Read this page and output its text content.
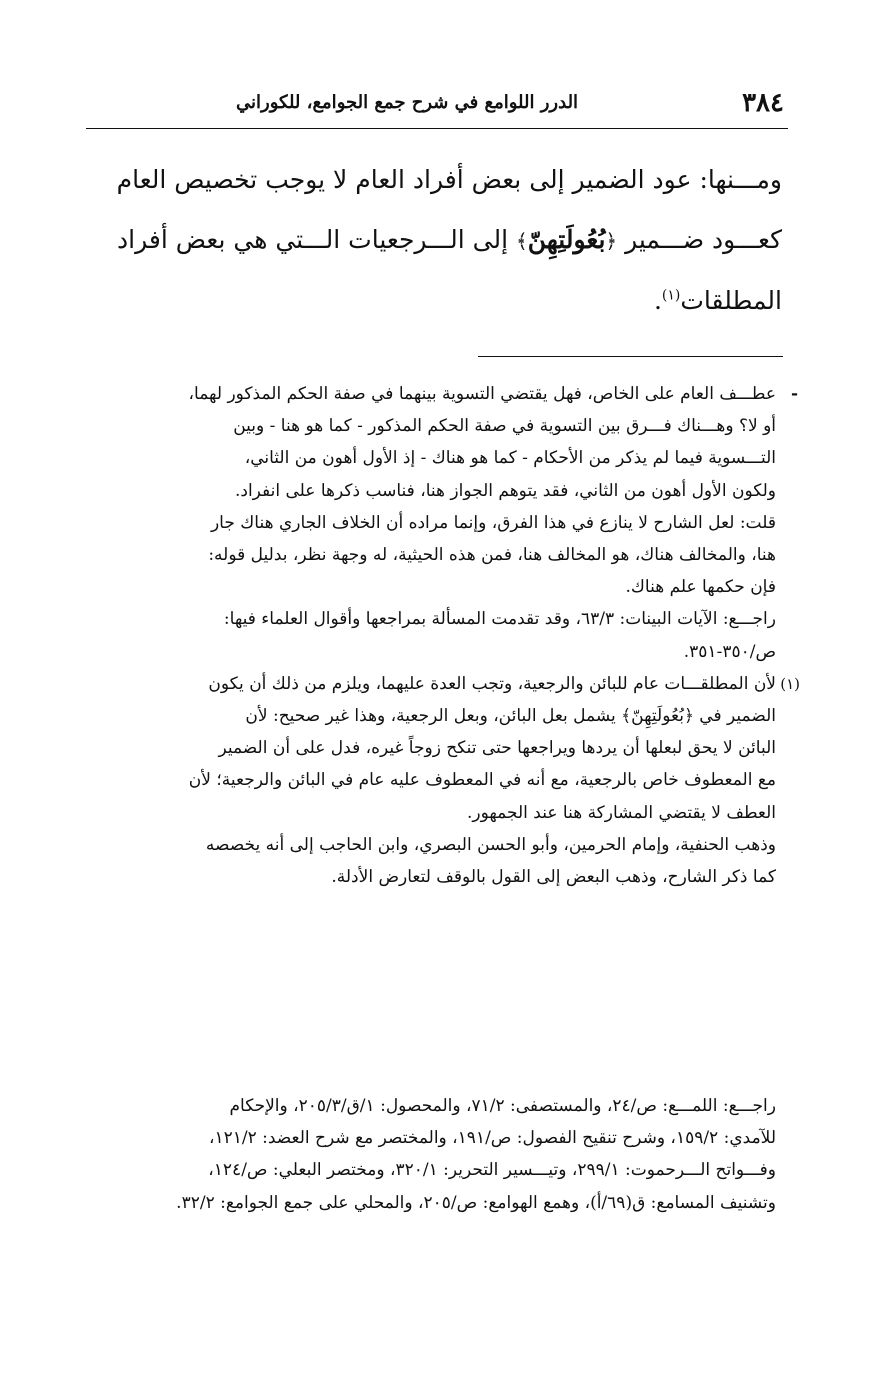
٣٨٤
الدرر اللوامع في شرح جمع الجوامع، للكوراني

ومـــنها: عود الضمير إلى بعض أفراد العام لا يوجب تخصيص العام

كعـــود ضـــمير ﴿بُعُولَتِهِنّ﴾ إلى الـــرجعيات الـــتي هي بعض أفراد

المطلقات$^{(١)}$.

-

عطـــف العام على الخاص، فهل يقتضي التسوية بينهما في صفة الحكم المذكور لهما،

أو لا؟ وهـــناك فـــرق بين التسوية في صفة الحكم المذكور - كما هو هنا - وبين

التـــسوية فيما لم يذكر من الأحكام - كما هو هناك - إذ الأول أهون من الثاني،

ولكون الأول أهون من الثاني، فقد يتوهم الجواز هنا، فناسب ذكرها على انفراد.

قلت: لعل الشارح لا ينازع في هذا الفرق، وإنما مراده أن الخلاف الجاري هناك جار

هنا، والمخالف هناك، هو المخالف هنا، فمن هذه الحيثية، له وجهة نظر، بدليل قوله:

فإن حكمها علم هناك.

راجـــع: الآيات البينات: ٦٣/٣، وقد تقدمت المسألة بمراجعها وأقوال العلماء فيها:

ص/٣٥٠-٣٥١.

(١)

لأن المطلقـــات عام للبائن والرجعية، وتجب العدة عليهما، ويلزم من ذلك أن يكون

الضمير في ﴿بُعُولَتِهِنّ﴾ يشمل بعل البائن، وبعل الرجعية، وهذا غير صحيح: لأن

البائن لا يحق لبعلها أن يردها ويراجعها حتى تنكح زوجاً غيره، فدل على أن الضمير

مع المعطوف خاص بالرجعية، مع أنه في المعطوف عليه عام في البائن والرجعية؛ لأن

العطف لا يقتضي المشاركة هنا عند الجمهور.

وذهب الحنفية، وإمام الحرمين، وأبو الحسن البصري، وابن الحاجب إلى أنه يخصصه

كما ذكر الشارح، وذهب البعض إلى القول بالوقف لتعارض الأدلة.

راجـــع: اللمـــع: ص/٢٤، والمستصفى: ٧١/٢، والمحصول: ١/ق/٢٠٥/٣، والإحكام

للآمدي: ١٥٩/٢، وشرح تنقيح الفصول: ص/١٩١، والمختصر مع شرح العضد: ١٢١/٢،

وفـــواتح الـــرحموت: ٢٩٩/١، وتيـــسير التحرير: ٣٢٠/١، ومختصر البعلي: ص/١٢٤،

وتشنيف المسامع: ق(٦٩/أ)، وهمع الهوامع: ص/٢٠٥، والمحلي على جمع الجوامع: ٣٢/٢.
